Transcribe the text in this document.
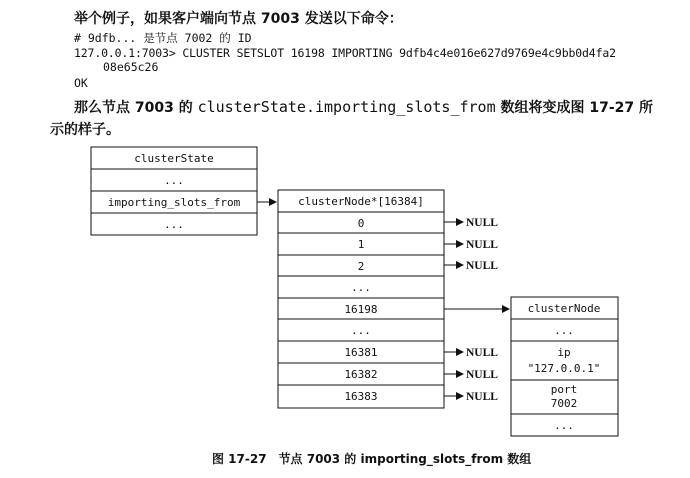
举个例子，如果客户端向节点 7003 发送以下命令：
# 9dfb... 是节点 7002 的 ID
127.0.0.1:7003> CLUSTER SETSLOT 16198 IMPORTING 9dfb4c4e016e627d9769e4c9bb0d4fa2
08e65c26
OK
那么节点 7003 的 clusterState.importing_slots_from 数组将变成图 17-27 所
示的样子。
clusterState
...
importing_slots_from
...
clusterNode*[16384]
0
1
2
...
16198
...
16381
16382
16383
NULL
NULL
NULL
NULL
NULL
NULL
clusterNode
...
ip
"127.0.0.1"
port
7002
...
图 17-27　节点 7003 的 importing_slots_from 数组
